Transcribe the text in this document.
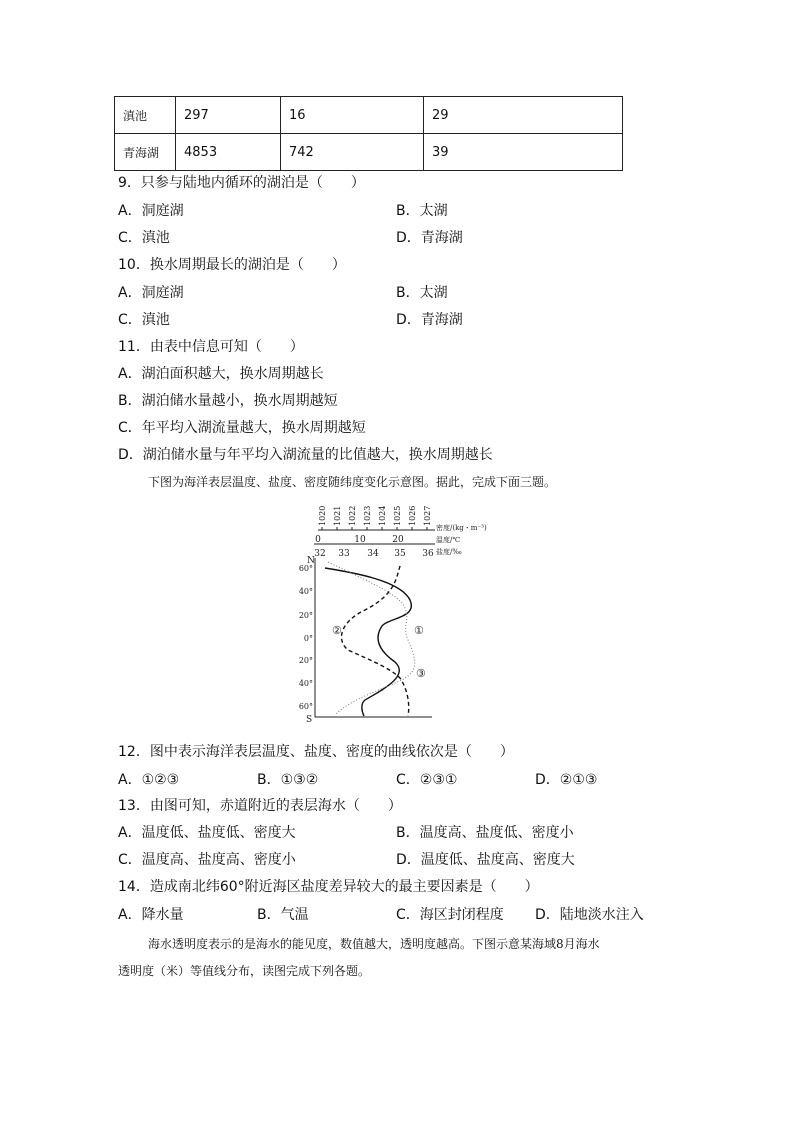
滇池	297	16	29
青海湖	4853	742	39
9．只参与陆地内循环的湖泊是（　　）
A．洞庭湖	B．太湖
C．滇池	D．青海湖
10．换水周期最长的湖泊是（　　）
A．洞庭湖	B．太湖
C．滇池	D．青海湖
11．由表中信息可知（　　）
A．湖泊面积越大，换水周期越长
B．湖泊储水量越小，换水周期越短
C．年平均入湖流量越大，换水周期越短
D．湖泊储水量与年平均入湖流量的比值越大，换水周期越长
下图为海洋表层温度、盐度、密度随纬度变化示意图。据此，完成下面三题。
1020 1021 1022 1023 1024 1025 1026 1027
密度/(kg・m⁻³)
0	10	20	温度/℃
32 33 34 35 36 盐度/‰
N
S
60°
40°
20°
0°
20°
40°
60°
②	①
③
12．图中表示海洋表层温度、盐度、密度的曲线依次是（　　）
A．①②③	B．①③②	C．②③①	D．②①③
13．由图可知，赤道附近的表层海水（　　）
A．温度低、盐度低、密度大	B．温度高、盐度低、密度小
C．温度高、盐度高、密度小	D．温度低、盐度高、密度大
14．造成南北纬60°附近海区盐度差异较大的最主要因素是（　　）
A．降水量	B．气温	C．海区封闭程度 D．陆地淡水注入
海水透明度表示的是海水的能见度，数值越大，透明度越高。下图示意某海域8月海水
透明度（米）等值线分布，读图完成下列各题。
